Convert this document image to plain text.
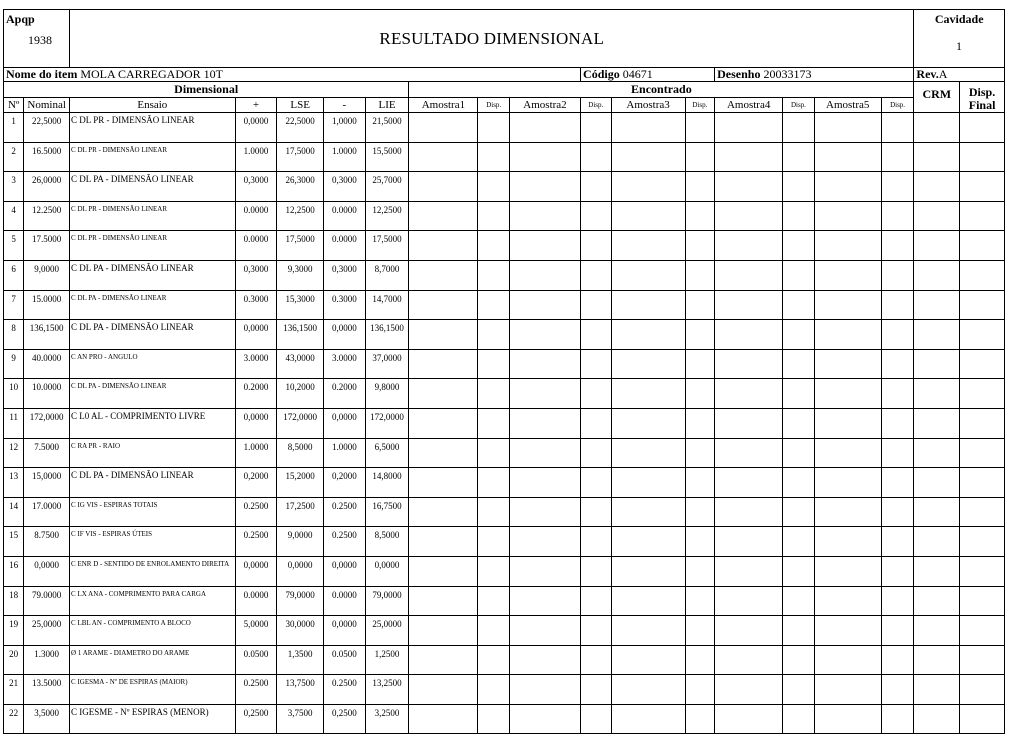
Apqp
1938		RESULTADO DIMENSIONAL															Cavidade
1	

Nome do item MOLA CARREGADOR 10T										Código 04671			Desenho 20033173				Rev.A	
Dimensional							Encontrado										CRM	Disp. Final
Nº	Nominal	Ensaio	+	LSE	-	LIE	Amostra1	Disp.	Amostra2	Disp.	Amostra3	Disp.	Amostra4	Disp.	Amostra5	Disp.		
1	22,5000	C DL PR - DIMENSÃO LINEAR	0,0000	22,5000	1,0000	21,5000												
2	16.5000	C DL PR - DIMENSÃO LINEAR	1.0000	17,5000	1.0000	15,5000												
3	26,0000	C DL PA - DIMENSÃO LINEAR	0,3000	26,3000	0,3000	25,7000												
4	12.2500	C DL PR - DIMENSÃO LINEAR	0.0000	12,2500	0.0000	12,2500												
5	17.5000	C DL PR - DIMENSÃO LINEAR	0.0000	17,5000	0.0000	17,5000												
6	9,0000	C DL PA - DIMENSÃO LINEAR	0,3000	9,3000	0,3000	8,7000												
7	15.0000	C DL PA - DIMENSÃO LINEAR	0.3000	15,3000	0.3000	14,7000												
8	136,1500	C DL PA - DIMENSÃO LINEAR	0,0000	136,1500	0,0000	136,1500												
9	40.0000	C AN PRO - ANGULO	3.0000	43,0000	3.0000	37,0000												
10	10.0000	C DL PA - DIMENSÃO LINEAR	0.2000	10,2000	0.2000	9,8000												
11	172,0000	C L0 AL - COMPRIMENTO LIVRE	0,0000	172,0000	0,0000	172,0000												
12	7.5000	C RA PR - RAIO	1.0000	8,5000	1.0000	6,5000												
13	15,0000	C DL PA - DIMENSÃO LINEAR	0,2000	15,2000	0,2000	14,8000												
14	17.0000	C IG VIS - ESPIRAS TOTAIS	0.2500	17,2500	0.2500	16,7500												
15	8.7500	C IF VIS - ESPIRAS ÚTEIS	0.2500	9,0000	0.2500	8,5000												
16	0,0000	C ENR D - SENTIDO DE ENROLAMENTO DIREITA	0,0000	0,0000	0,0000	0,0000												
18	79.0000	C LX ANA - COMPRIMENTO PARA CARGA	0.0000	79,0000	0.0000	79,0000												
19	25,0000	C LBL AN - COMPRIMENTO A BLOCO	5,0000	30,0000	0,0000	25,0000												
20	1.3000	Ø 1 ARAME - DIAMETRO DO ARAME	0.0500	1,3500	0.0500	1,2500												
21	13.5000	C IGESMA - Nº DE ESPIRAS (MAIOR)	0.2500	13,7500	0.2500	13,2500												
22	3,5000	C IGESME - Nº ESPIRAS (MENOR)	0,2500	3,7500	0,2500	3,2500												
